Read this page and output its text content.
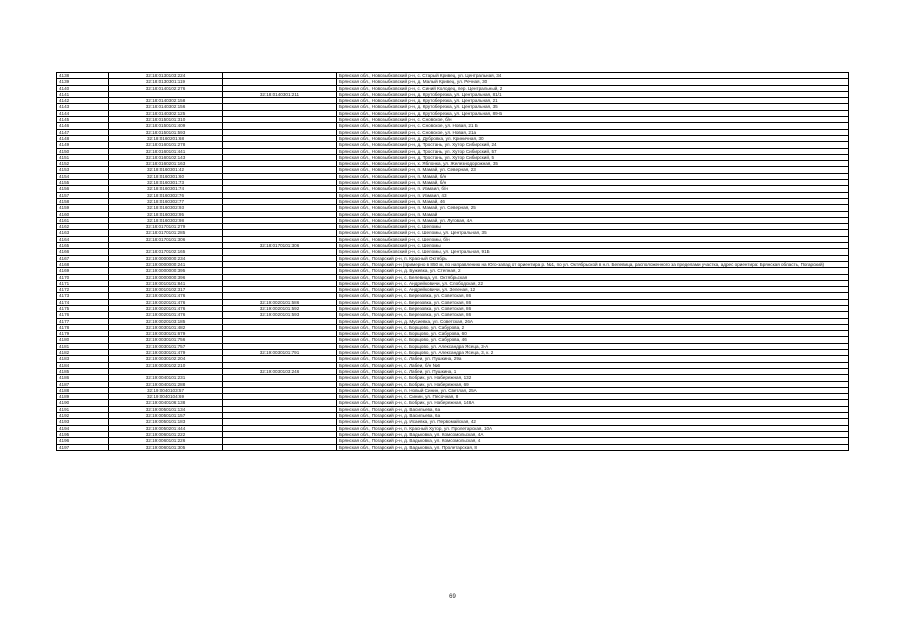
4138	32:18:0130103:224		Брянская обл., Новозыбковский р-н, с. Старый Кривец, ул. Центральная, 34
4139	32:18:0130301:119		Брянская обл., Новозыбковский р-н, д. Малый Кривец, ул. Речная, 30
4140	32:18:0140102:276		Брянская обл., Новозыбковский р-н, с. Синий Колодец, пер. Центральный, 2
4141		32:18:0140301:211	Брянская обл., Новозыбковский р-н, д. Крутоберезка, ул. Центральная, 81/1
4142	32:18:0140302:158		Брянская обл., Новозыбковский р-н, д. Крутоберезка, ул. Центральная, 21
4143	32:18:0140302:156		Брянская обл., Новозыбковский р-н, д. Крутоберезка, ул. Центральная, 35
4144	32:18:0140302:125		Брянская обл., Новозыбковский р-н, д. Крутоберезка, ул. Центральная, 89-Б
4145	32:18:0150101:310		Брянская обл., Новозыбковский р-н, с. Сновское, б/н
4146	32:18:0150101:409		Брянская обл., Новозыбковский р-н, с. Сновское, ул. Новая, 21 Б
4147	32:18:0150101:593		Брянская обл., Новозыбковский р-н, с. Сновское, ул. Новая, 21а
4148	32:18:0160201:68		Брянская обл., Новозыбковский р-н, д. Дубровка, ул. Криничная, 30
4149	32:18:0160101:278		Брянская обл., Новозыбковский р-н, д. Тростань, ул. Хутор Сибирский, 24
4150	32:18:0160101:441		Брянская обл., Новозыбковский р-н, д. Тростань, ул. Хутор Сибирский, 57
4151	32:18:0160102:143		Брянская обл., Новозыбковский р-н, д. Тростань, ул. Хутор Сибирский, 5
4152	32:18:0160201:163		Брянская обл., Новозыбковский р-н, х. Яблонка, ул. Железнодорожная, 35
4153	32:18:0160301:42		Брянская обл., Новозыбковский р-н, п. Мамай, ул. Северная, 23
4154	32:18:0160301:60		Брянская обл., Новозыбковский р-н, п. Мамай, б/н
4155	32:18:0160301:73		Брянская обл., Новозыбковский р-н, п. Мамай, б/н
4156	32:18:0160301:74		Брянская обл., Новозыбковский р-н, п. Измаил, б/н
4157	32:18:0160302:76		Брянская обл., Новозыбковский р-н, п. Измаил, 43
4158	32:18:0160302:77		Брянская обл., Новозыбковский р-н, п. Мамай, 46
4159	32:18:0160302:93		Брянская обл., Новозыбковский р-н, п. Мамай, ул. Северная, 25
4160	32:18:0160302:95		Брянская обл., Новозыбковский р-н, п. Мамай
4161	32:18:0160302:98		Брянская обл., Новозыбковский р-н, п. Мамай, ул. Луговая, 4А
4162	32:18:0170101:279		Брянская обл., Новозыбковский р-н, с. Шеломы
4163	32:18:0170101:285		Брянская обл., Новозыбковский р-н, с. Шеломы, ул. Центральная, 35
4164	32:18:0170101:306		Брянская обл., Новозыбковский р-н, с. Шеломы, б/н
4165		32:18:0170101:306	Брянская обл., Новозыбковский р-н, с. Шеломы
4166	32:18:0170102:165		Брянская обл., Новозыбковский р-н, с. Шеломы, ул. Центральная, 91Б
4167	32:19:0000000:234		Брянская обл., Погарский р-н, п. Красный Октябрь
4168	32:19:0000000:241		Брянская обл., Погарский р-н (примерно в 850 м, по направлению на Юго-запад от ориентира р. №1, по ул. Октябрьской в н.п. Белевица, расположенного за пределами участка, адрес ориентира: Брянская область, Погарский)
4169	32:19:0000000:395		Брянская обл., Погарский р-н, д. Бужевка, ул. Степная, 2
4170	32:19:0000000:396		Брянская обл., Погарский р-н, с. Белевица, ул. Октябрьская
4171	32:19:0010101:841		Брянская обл., Погарский р-н, с. Андрейковичи, ул. Слободская, 22
4172	32:19:0010102:317		Брянская обл., Погарский р-н, с. Андрейковичи, ул. Зеленая, 12
4173	32:19:0020101:476		Брянская обл., Погарский р-н, с. Березовка, ул. Советская, 86
4174	32:19:0020101:476	32:19:0020101:586	Брянская обл., Погарский р-н, с. Березовка, ул. Советская, 86
4175	32:19:0020101:476	32:19:0020101:592	Брянская обл., Погарский р-н, с. Березовка, ул. Советская, 86
4176	32:19:0020101:476	32:19:0020101:593	Брянская обл., Погарский р-н, с. Березовка, ул. Советская, 86
4177	32:19:0020103:185		Брянская обл., Погарский р-н, д. Мусиевка, ул. Советская, 26А
4178	32:19:0030101:482		Брянская обл., Погарский р-н, с. Борщово, ул. Сабурова, 2
4179	32:19:0030101:679		Брянская обл., Погарский р-н, с. Борщово, ул. Сабурова, 60
4180	32:19:0030101:756		Брянская обл., Погарский р-н, с. Борщово, ул. Сабурова, 46
4181	32:19:0030101:757		Брянская обл., Погарский р-н, с. Борщово, ул. Александра Ясеца, 3-А
4182	32:19:0030101:479	32:19:0030101:791	Брянская обл., Погарский р-н, с. Борщово, ул. Александра Ясеца, 3, к. 2
4183	32:19:0030102:204		Брянская обл., Погарский р-н, с. Лабеи, ул. Пушкина, 29а
4184	32:19:0030102:210		Брянская обл., Погарский р-н, с. Лабеи, б/н №6
4185		32:19:0030103:246	Брянская обл., Погарский р-н, с. Лабеи, ул. Пушкина, 1
4186	32:19:0040101:231		Брянская обл., Погарский р-н, с. Бобрик, ул. Набережная, 132
4187	32:19:0040101:288		Брянская обл., Погарский р-н, с. Бобрик, ул. Набережная, 69
4188	32:19:0040103:57		Брянская обл., Погарский р-н, п. Новый Синин, ул. Светлая, 25А
4189	32:19:0040104:69		Брянская обл., Погарский р-н, с. Синин, ул. Песочная, 8
4190	32:19:0040106:138		Брянская обл., Погарский р-н, с. Бобрик, ул. Набережная, 148А
4191	32:19:0050101:134		Брянская обл., Погарский р-н, д. Васильева, 6а
4192	32:19:0050101:157		Брянская обл., Погарский р-н, д. Васильева, 6а
4193	32:19:0050101:183		Брянская обл., Погарский р-н, д. Исаевка, ул. Первомайская, 42
4194	32:19:0050201:444		Брянская обл., Погарский р-н, п. Красный Хутор, ул. Пролетарская, 10А
4195	32:19:0060101:222		Брянская обл., Погарский р-н, д. Вадьковка, ул. Комсомольская, 4А
4196	32:19:0060101:226		Брянская обл., Погарский р-н, д. Вадьковка, ул. Комсомольская, 4
4197	32:19:0060101:305		Брянская обл., Погарский р-н, д. Вадьковка, ул. Пролетарская, 8
69
